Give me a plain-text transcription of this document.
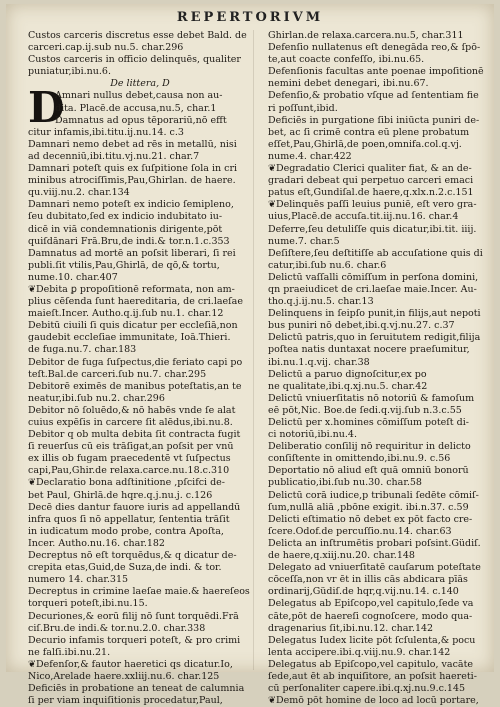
REPERTORIVM
Custos carceris discretus esse debet Bald. de
carceri.cap.ij.sub nu.5. char.296
Custos carceris in officio delinquēs, qualiter
puniatur,ibi.nu.6.
De littera, D
D
Amnari nullus debet,causa non au-
dita. Placē.de accusa,nu.5, char.1
Damnatus ad opus tēporariū,nō efft
citur infamis,ibi.titu.ij.nu.14. c.3
Damnari nemo debet ad rēs in metallū, nisi
ad decenniū,ibi.titu.vj.nu.21. char.7
Damnari poteſt quis ex ſuſpitione ſola in cri
minibus atrociſſimis,Pau,Ghirlan. de haere.
qu.viij.nu.2. char.134
Damnari nemo poteſt ex indicio ſemipleno,
ſeu dubitato,ſed ex indicio indubitato iu-
dicē in viā condemnationis dirigente,pōt
quiſdānari Frā.Bru,de indi.& tor.n.1.c.353
Damnatus ad mortē an poſsit liberari, ſi rei
publi.ſit vtilis,Pau,Ghirlā, de qō,& tortu,
nume.10. char.407
❦Debita ꝑ propoſitionē reformata, non am-
plius cēſenda ſunt haereditaria, de cri.laeſae
maieſt.Incer. Autho.q.ij.ſub nu.1. char.12
Debitū ciuili ſi quis dicatur per eccleſiā,non
gaudebit eccleſiae immunitate, Ioā.Thieri.
de fuga.nu.7. char.183
Debitor de fuga ſuſpectus,die feriato capi po
teſt.Bal.de carceri.ſub nu.7. char.295
Debitorē eximēs de manibus poteſtatis,an te
neatur,ibi.ſub nu.2. char.296
Debitor nō ſoluēdo,& nō habēs vnde ſe alat
cuius expēſis in carcere ſit alēdus,ibi.nu.8.
Debitor q ob multa debita ſit contracta fugit
ſi reuerſus cū eis trāſigat,an poſsit per vnū
ex illis ob fugam praecedentē vt ſuſpectus
capi,Pau,Ghir.de relaxa.carce.nu.18.c.310
❦Declaratio bona adſtinitione ,pſcifci de-
bet Paul, Ghirlā.de hqre.q.j.nu.j. c.126
Decē dies dantur fauore iuris ad appellandū
infra quos ſi nō appellatur, ſententia trāſit
in iudicatum modo probe, contra Apoſta,
Incer. Autho.nu.16. char.182
Decreptus nō eſt torquēdus,& q dicatur de-
crepita etas,Guid,de Suza,de indi. & tor.
numero 14. char.315
Decreptus in crimine laeſae maie.& haereſeos
torqueri poteſt,ibi.nu.15.
Decuriones,& eorū filij nō ſunt torquēdi.Frā
ciſ.Bru.de indi.& tor.nu.2.0. char.338
Decurio infamis torqueri poteſt, & pro crimi
ne falſi.ibi.nu.21.
❦Defenſor,& fautor haeretici qs dicatur.Io,
Nico,Arelade haere.xxliij.nu.6. char.125
Deficiēs in probatione an teneat de calumnia
ſi per viam inquiſitionis procedatur,Paul,
Ghirlan.de relaxa.carcera.nu.5, char.311
Defenſio nullatenus eſt denegāda reo,& ſpō-
te,aut coacte confeſſo, ibi.nu.65.
Defenſionis facultas ante poenae impoſitionē
nemini debet denegari, ibi.nu.67.
Defenſio,& probatio vſque ad ſententiam fie
ri poſſunt,ibid.
Deficiēs in purgatione ſibi iniūcta puniri de-
bet, ac ſi crimē contra eū plene probatum
eſſet,Pau,Ghirlā,de poen,omnifa.col.q.vj.
nume.4. char.422
❦Degradatio Clerici qualiter fiat, & an de-
gradari debeat qui perpetuo carceri emaci
patus eſt,Gundiſal.de haere,q.xlx.n.2.c.151
❦Delinquēs paſſi leuius puniē, eſt vero gra-
uius,Placē.de accuſa.tit.iij.nu.16. char.4
Deferre,ſeu detuliſſe quis dicatur,ibi.tit. iiij.
nume.7. char.5
Deſiſtere,ſeu deſtitiſſe ab accuſatione quis di
catur,ibi.ſub nu.6. char.6
Delictū vaſſalli cōmiſſum in perſona domini,
qn praeiudicet de cri.laeſae maie.Incer. Au-
tho.q.j.ij.nu.5. char.13
Delinquens in ſeipſo punit,in filijs,aut nepoti
bus puniri nō debet,ibi.q.vj.nu.27. c.37
Delictū patris,quo in ſeruitutem redigit,filija
poſtea natis duntaxat nocere praeſumitur,
ibi.nu.1.q.vij. char.38
Delictū a paruo dignoſcitur,ex po
ne qualitate,ibi.q.xj.nu.5. char.42
Delictū vniuerſitatis nō notoriū & famoſum
eē pōt,Nic. Boe.de ſedi.q.vij.ſub n.3.c.55
Delictū per x.homines cōmiſſum poteſt di-
ci notoriū,ibi.nu.4.
Deliberatio conſilij nō requiritur in delicto
conſiſtente in omittendo,ibi.nu.9. c.56
Deportatio nō aliud eſt quā omniū bonorū
publicatio,ibi.ſub nu.30. char.58
Delictū corā iudice,p tribunali ſedēte cōmiſ-
ſum,nullā aliā ,pbōne exigit. ibi.n.37. c.59
Delicti eſtimatio nō debet ex pōt facto cre-
ſcere.Odof.de percuſſio.nu.14. char.63
Delicta an inſtrumētis probari poſsint.Güdiſ.
de haere,q.xiij.nu.20. char.148
Delegato ad vniuerſitatē cauſarum poteſtate
cōceſſa,non vr ēt in illis cās abdicara pīās
ordinarij,Güdiſ.de hqr,q.vij.nu.14. c.140
Delegatus ab Epiſcopo,vel capitulo,ſede va
cāte,pōt de haereſi cognoſcere, modo qua-
dragenarius ſit,ibi.nu.12. char.142
Delegatus Iudex licite pōt ſcſulenta,& pocu
lenta accipere.ibi.q.viij.nu.9. char.142
Delegatus ab Epiſcopo,vel capitulo, vacāte
ſede,aut ēt ab inquiſitore, an poſsit haereti-
cū perſonaliter capere.ibi.q.xj.nu.9.c.145
❦Demō pōt homine de loco ad locū portare,
